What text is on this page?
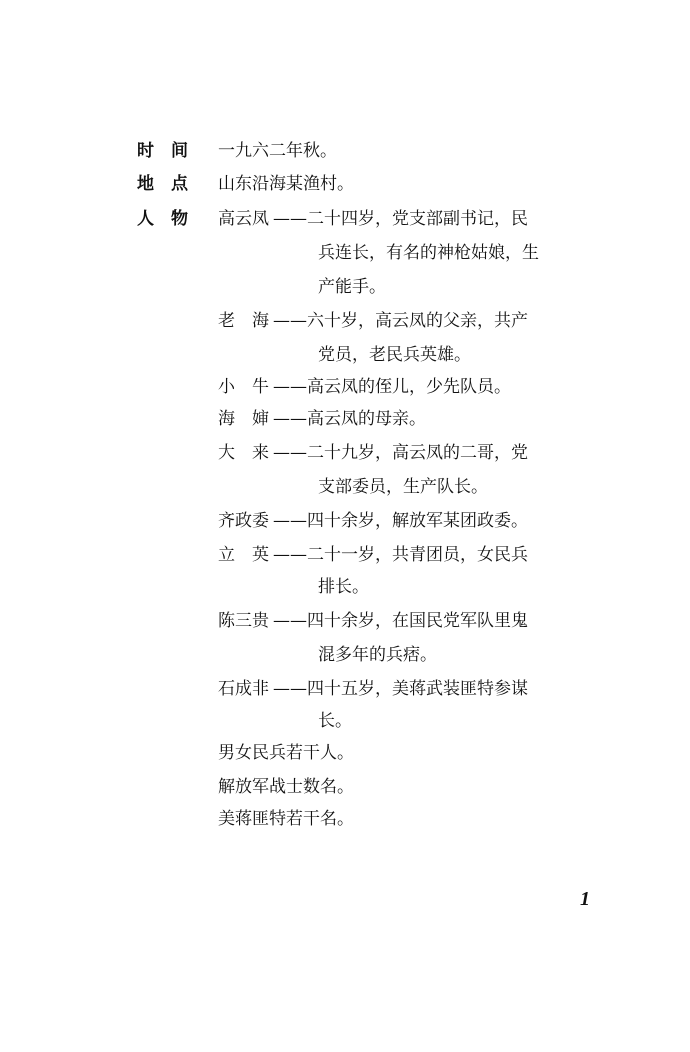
时　间 一九六二年秋。
地　点 山东沿海某渔村。
人　物 高云凤 ——二十四岁，党支部副书记，民
兵连长，有名的神枪姑娘，生
产能手。
老　海 ——六十岁，高云凤的父亲，共产
党员，老民兵英雄。
小　牛 ——高云凤的侄儿，少先队员。
海　婶 ——高云凤的母亲。
大　来 ——二十九岁，高云凤的二哥，党
支部委员，生产队长。
齐政委 ——四十余岁，解放军某团政委。
立　英 ——二十一岁，共青团员，女民兵
排长。
陈三贵 ——四十余岁，在国民党军队里鬼
混多年的兵痞。
石成非 ——四十五岁，美蒋武装匪特参谋
长。
男女民兵若干人。
解放军战士数名。
美蒋匪特若干名。
1
